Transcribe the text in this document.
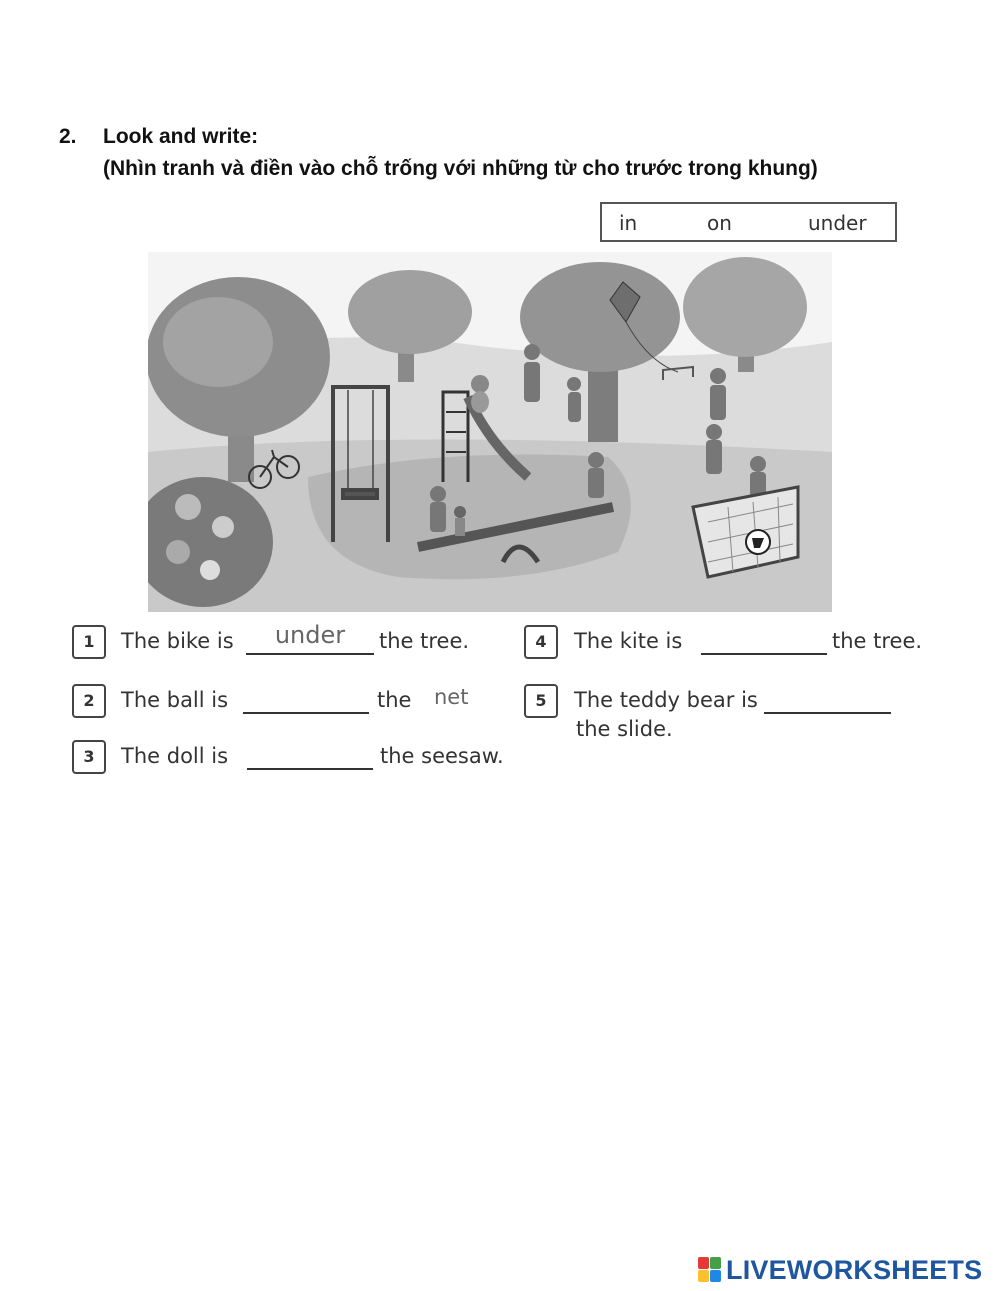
2. Look and write:
(Nhìn tranh và điền vào chỗ trống với những từ cho trước trong khung)
in	on	under
1	The bike is	under	the tree.
2	The ball is	the net
3	The doll is	the seesaw.
4	The kite is	the tree.
5	The teddy bear is
the slide.
LIVEWORKSHEETS
